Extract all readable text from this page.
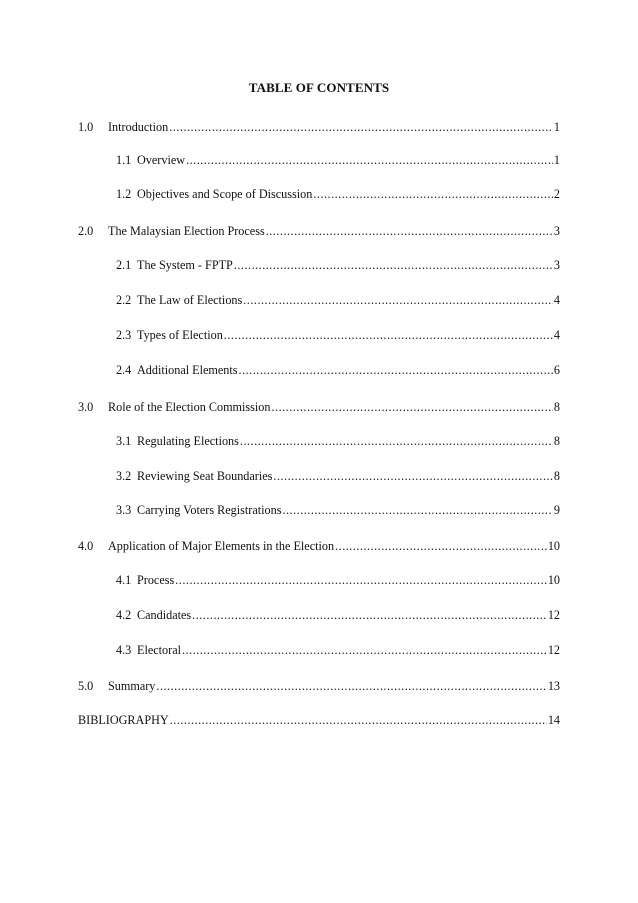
TABLE OF CONTENTS
1.0	Introduction .....	1
1.1 Overview .....	1
1.2 Objectives and Scope of Discussion .....	2
2.0	The Malaysian Election Process .....	3
2.1 The System - FPTP .....	3
2.2 The Law of Elections .....	4
2.3 Types of Election .....	4
2.4 Additional Elements .....	6
3.0	Role of the Election Commission .....	8
3.1 Regulating Elections .....	8
3.2 Reviewing Seat Boundaries .....	8
3.3 Carrying Voters Registrations .....	9
4.0	Application of Major Elements in the Election .....	10
4.1 Process .....	10
4.2 Candidates .....	12
4.3 Electoral .....	12
5.0	Summary .....	13
BIBLIOGRAPHY .....	14
